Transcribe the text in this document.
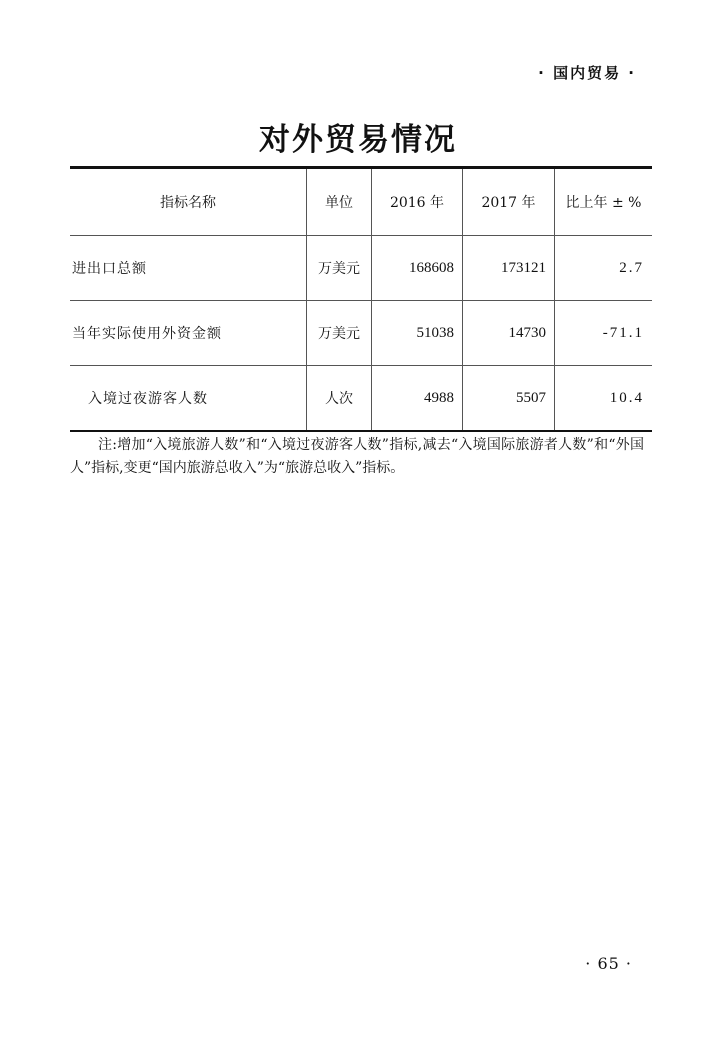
· 国内贸易 ·
对外贸易情况
指标名称	单位	2016 年	2017 年	比上年 ± %
进出口总额	万美元	168608	173121	2.7
当年实际使用外资金额	万美元	51038	14730	-71.1
入境过夜游客人数	人次	4988	5507	10.4
注:增加“入境旅游人数”和“入境过夜游客人数”指标,减去“入境国际旅游者人数”和“外国人”指标,变更“国内旅游总收入”为“旅游总收入”指标。
· 65 ·
